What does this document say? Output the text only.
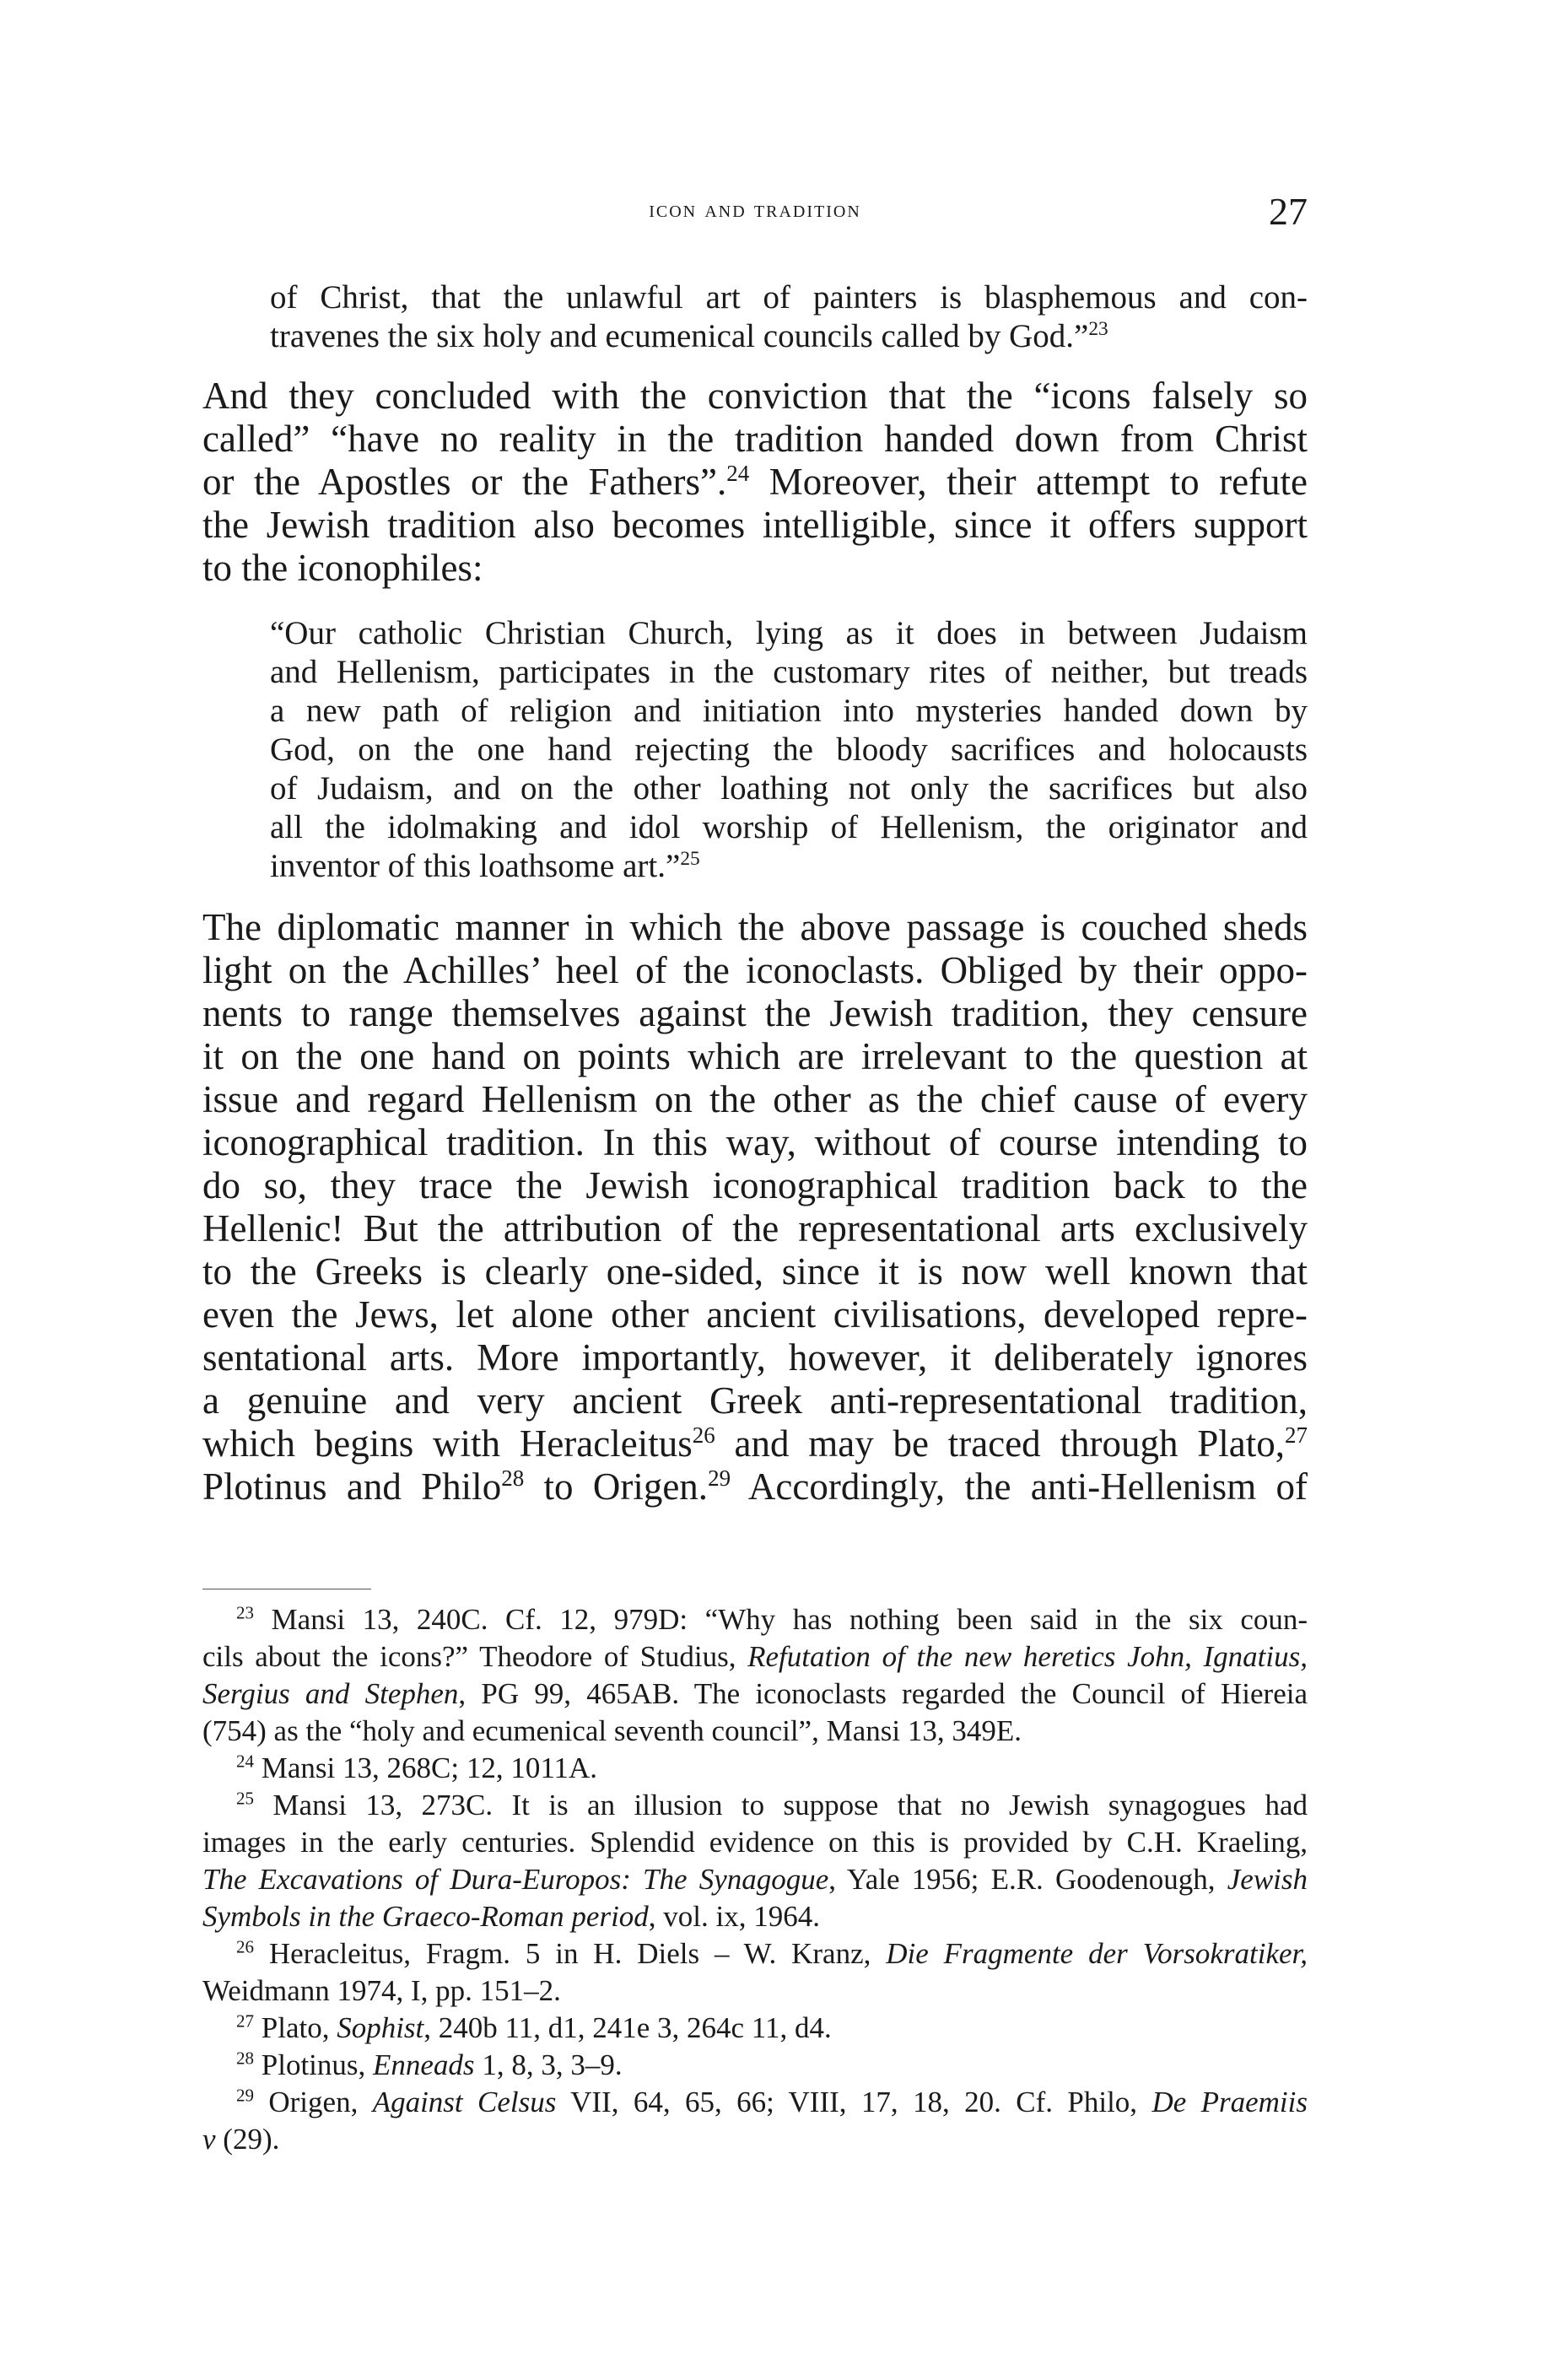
icon and tradition	27
of Christ, that the unlawful art of painters is blasphemous and con-
travenes the six holy and ecumenical councils called by God.”$^{23}$
And they concluded with the conviction that the “icons falsely so
called” “have no reality in the tradition handed down from Christ
or the Apostles or the Fathers”.$^{24}$ Moreover, their attempt to refute
the Jewish tradition also becomes intelligible, since it offers support
to the iconophiles:
“Our catholic Christian Church, lying as it does in between Judaism
and Hellenism, participates in the customary rites of neither, but treads
a new path of religion and initiation into mysteries handed down by
God, on the one hand rejecting the bloody sacrifices and holocausts
of Judaism, and on the other loathing not only the sacrifices but also
all the idolmaking and idol worship of Hellenism, the originator and
inventor of this loathsome art.”$^{25}$
The diplomatic manner in which the above passage is couched sheds
light on the Achilles’ heel of the iconoclasts. Obliged by their oppo-
nents to range themselves against the Jewish tradition, they censure
it on the one hand on points which are irrelevant to the question at
issue and regard Hellenism on the other as the chief cause of every
iconographical tradition. In this way, without of course intending to
do so, they trace the Jewish iconographical tradition back to the
Hellenic! But the attribution of the representational arts exclusively
to the Greeks is clearly one-sided, since it is now well known that
even the Jews, let alone other ancient civilisations, developed repre-
sentational arts. More importantly, however, it deliberately ignores
a genuine and very ancient Greek anti-representational tradition,
which begins with Heracleitus$^{26}$ and may be traced through Plato,$^{27}$
Plotinus and Philo$^{28}$ to Origen.$^{29}$ Accordingly, the anti-Hellenism of
$^{23}$ Mansi 13, 240C. Cf. 12, 979D: “Why has nothing been said in the six coun-
cils about the icons?” Theodore of Studius, Refutation of the new heretics John, Ignatius,
Sergius and Stephen, PG 99, 465AB. The iconoclasts regarded the Council of Hiereia
(754) as the “holy and ecumenical seventh council”, Mansi 13, 349E.
$^{24}$ Mansi 13, 268C; 12, 1011A.
$^{25}$ Mansi 13, 273C. It is an illusion to suppose that no Jewish synagogues had
images in the early centuries. Splendid evidence on this is provided by C.H. Kraeling,
The Excavations of Dura-Europos: The Synagogue, Yale 1956; E.R. Goodenough, Jewish
Symbols in the Graeco-Roman period, vol. ix, 1964.
$^{26}$ Heracleitus, Fragm. 5 in H. Diels – W. Kranz, Die Fragmente der Vorsokratiker,
Weidmann 1974, I, pp. 151–2.
$^{27}$ Plato, Sophist, 240b 11, d1, 241e 3, 264c 11, d4.
$^{28}$ Plotinus, Enneads 1, 8, 3, 3–9.
$^{29}$ Origen, Against Celsus VII, 64, 65, 66; VIII, 17, 18, 20. Cf. Philo, De Praemiis
v (29).
